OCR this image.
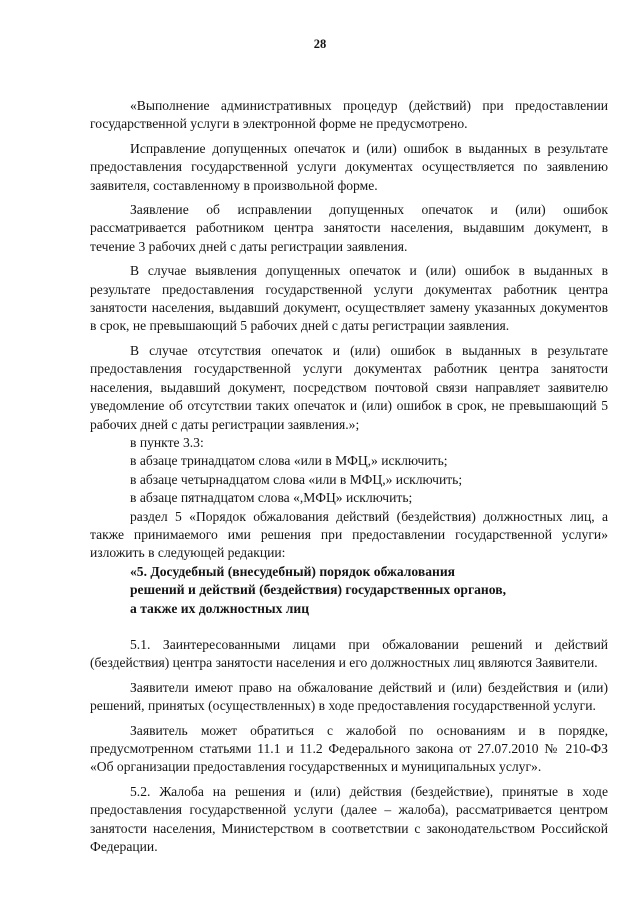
28

«Выполнение административных процедур (действий) при предоставлении государственной услуги в электронной форме не предусмотрено.

Исправление допущенных опечаток и (или) ошибок в выданных в результате предоставления государственной услуги документах осуществляется по заявлению заявителя, составленному в произвольной форме.

Заявление об исправлении допущенных опечаток и (или) ошибок рассматривается работником центра занятости населения, выдавшим документ, в течение 3 рабочих дней с даты регистрации заявления.

В случае выявления допущенных опечаток и (или) ошибок в выданных в результате предоставления государственной услуги документах работник центра занятости населения, выдавший документ, осуществляет замену указанных документов в срок, не превышающий 5 рабочих дней с даты регистрации заявления.

В случае отсутствия опечаток и (или) ошибок в выданных в результате предоставления государственной услуги документах работник центра занятости населения, выдавший документ, посредством почтовой связи направляет заявителю уведомление об отсутствии таких опечаток и (или) ошибок в срок, не превышающий 5 рабочих дней с даты регистрации заявления.»;

в пункте 3.3:

в абзаце тринадцатом слова «или в МФЦ,» исключить;

в абзаце четырнадцатом слова «или в МФЦ,» исключить;

в абзаце пятнадцатом слова «,МФЦ» исключить;

раздел 5 «Порядок обжалования действий (бездействия) должностных лиц, а также принимаемого ими решения при предоставлении государственной услуги» изложить в следующей редакции:

«5. Досудебный (внесудебный) порядок обжалования

решений и действий (бездействия) государственных органов,

а также их должностных лиц

5.1. Заинтересованными лицами при обжаловании решений и действий (бездействия) центра занятости населения и его должностных лиц являются Заявители.

Заявители имеют право на обжалование действий и (или) бездействия и (или) решений, принятых (осуществленных) в ходе предоставления государственной услуги.

Заявитель может обратиться с жалобой по основаниям и в порядке, предусмотренном статьями 11.1 и 11.2 Федерального закона от 27.07.2010 № 210-ФЗ «Об организации предоставления государственных и муниципальных услуг».

5.2. Жалоба на решения и (или) действия (бездействие), принятые в ходе предоставления государственной услуги (далее – жалоба), рассматривается центром занятости населения, Министерством в соответствии с законодательством Российской Федерации.
